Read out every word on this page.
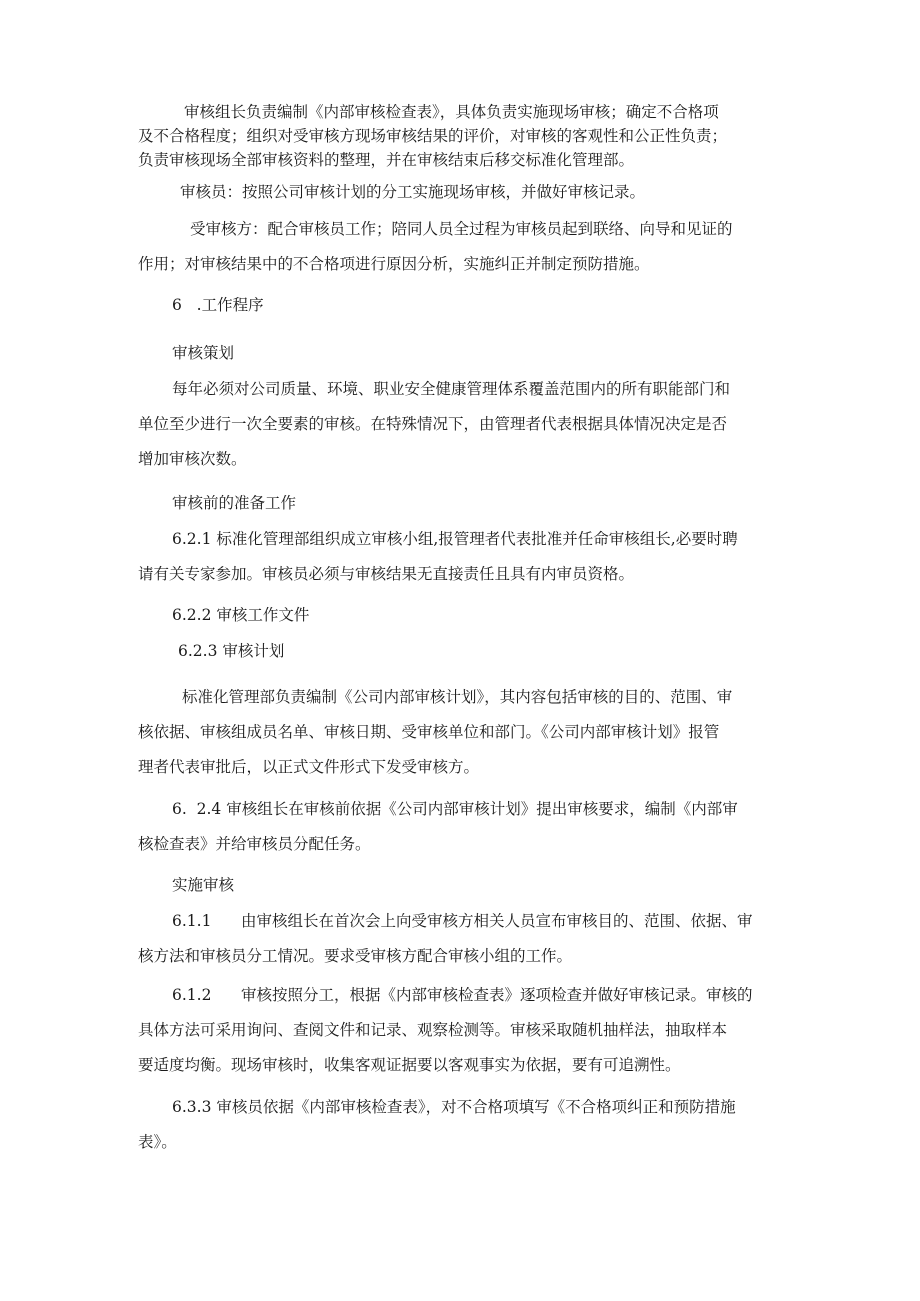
审核组长负责编制《内部审核检查表》，具体负责实施现场审核；确定不合格项
及不合格程度；组织对受审核方现场审核结果的评价，对审核的客观性和公正性负责；
负责审核现场全部审核资料的整理，并在审核结束后移交标准化管理部。
审核员：按照公司审核计划的分工实施现场审核，并做好审核记录。
受审核方：配合审核员工作；陪同人员全过程为审核员起到联络、向导和见证的
作用；对审核结果中的不合格项进行原因分析，实施纠正并制定预防措施。
6   .工作程序
审核策划
每年必须对公司质量、环境、职业安全健康管理体系覆盖范围内的所有职能部门和
单位至少进行一次全要素的审核。在特殊情况下，由管理者代表根据具体情况决定是否
增加审核次数。
审核前的准备工作
6.2.1 标准化管理部组织成立审核小组,报管理者代表批准并任命审核组长,必要时聘
请有关专家参加。审核员必须与审核结果无直接责任且具有内审员资格。
6.2.2 审核工作文件
6.2.3 审核计划
标准化管理部负责编制《公司内部审核计划》，其内容包括审核的目的、范围、审
核依据、审核组成员名单、审核日期、受审核单位和部门。《公司内部审核计划》报管
理者代表审批后，以正式文件形式下发受审核方。
6.  2.4 审核组长在审核前依据《公司内部审核计划》提出审核要求，编制《内部审
核检查表》并给审核员分配任务。
实施审核
6.1.1      由审核组长在首次会上向受审核方相关人员宣布审核目的、范围、依据、审
核方法和审核员分工情况。要求受审核方配合审核小组的工作。
6.1.2      审核按照分工，根据《内部审核检查表》逐项检查并做好审核记录。审核的
具体方法可采用询问、查阅文件和记录、观察检测等。审核采取随机抽样法，抽取样本
要适度均衡。现场审核时，收集客观证据要以客观事实为依据，要有可追溯性。
6.3.3 审核员依据《内部审核检查表》，对不合格项填写《不合格项纠正和预防措施
表》。
